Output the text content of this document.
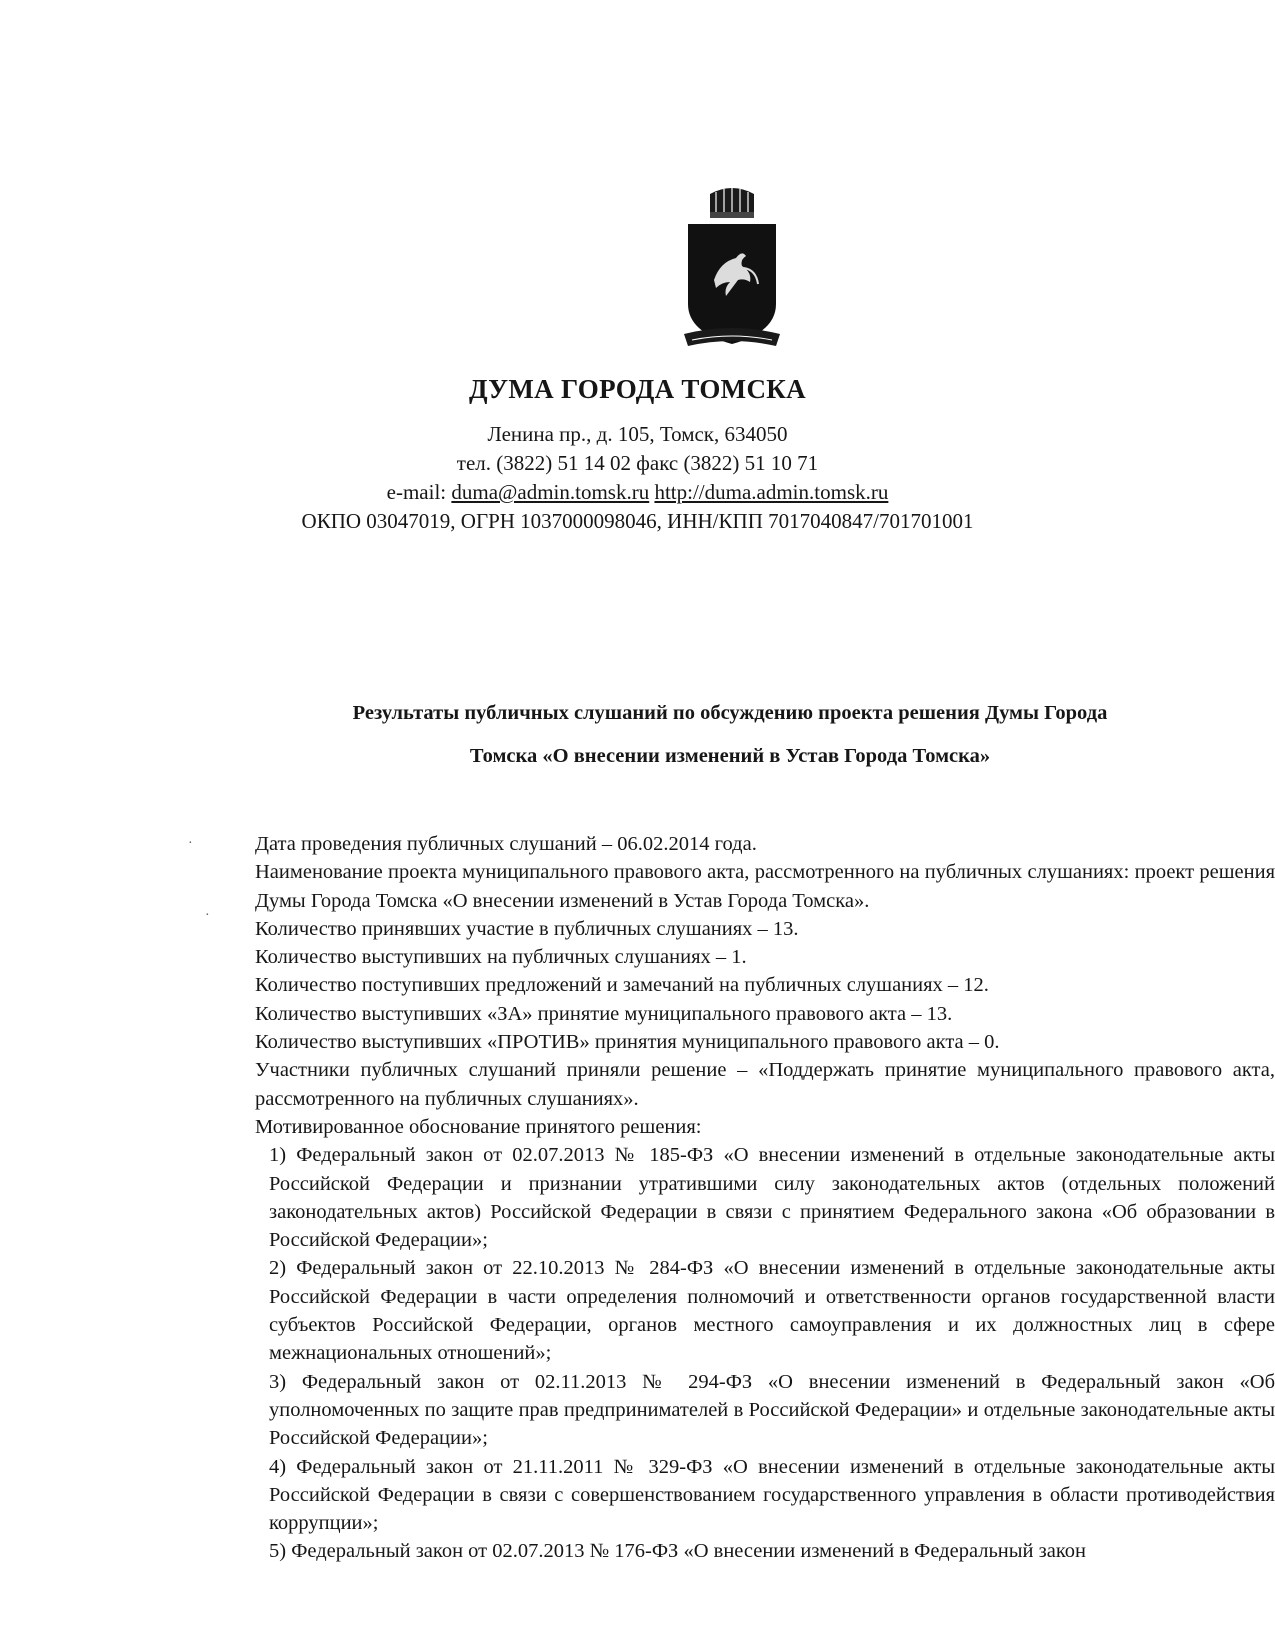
ДУМА ГОРОДА ТОМСКА
Ленина пр., д. 105, Томск, 634050
тел. (3822) 51 14 02 факс (3822) 51 10 71
e-mail: duma@admin.tomsk.ru http://duma.admin.tomsk.ru
ОКПО 03047019, ОГРН 1037000098046, ИНН/КПП 7017040847/701701001
Результаты публичных слушаний по обсуждению проекта решения Думы Города
Томска «О внесении изменений в Устав Города Томска»
·
·

Дата проведения публичных слушаний – 06.02.2014 года.

Наименование проекта муниципального правового акта, рассмотренного на публичных слушаниях: проект решения Думы Города Томска «О внесении изменений в Устав Города Томска».

Количество принявших участие в публичных слушаниях – 13.

Количество выступивших на публичных слушаниях – 1.

Количество поступивших предложений и замечаний на публичных слушаниях – 12.

Количество выступивших «ЗА» принятие муниципального правового акта – 13.

Количество выступивших «ПРОТИВ» принятия муниципального правового акта – 0.

Участники публичных слушаний приняли решение – «Поддержать принятие муниципального правового акта, рассмотренного на публичных слушаниях».

Мотивированное обоснование принятого решения:

1) Федеральный закон от 02.07.2013 № 185-ФЗ «О внесении изменений в отдельные законодательные акты Российской Федерации и признании утратившими силу законодательных актов (отдельных положений законодательных актов) Российской Федерации в связи с принятием Федерального закона «Об образовании в Российской Федерации»;

2) Федеральный закон от 22.10.2013 № 284-ФЗ «О внесении изменений в отдельные законодательные акты Российской Федерации в части определения полномочий и ответственности органов государственной власти субъектов Российской Федерации, органов местного самоуправления и их должностных лиц в сфере межнациональных отношений»;

3) Федеральный закон от 02.11.2013 № 294-ФЗ «О внесении изменений в Федеральный закон «Об уполномоченных по защите прав предпринимателей в Российской Федерации» и отдельные законодательные акты Российской Федерации»;

4) Федеральный закон от 21.11.2011 № 329-ФЗ «О внесении изменений в отдельные законодательные акты Российской Федерации в связи с совершенствованием государственного управления в области противодействия коррупции»;

5) Федеральный закон от 02.07.2013 № 176-ФЗ «О внесении изменений в Федеральный закон
